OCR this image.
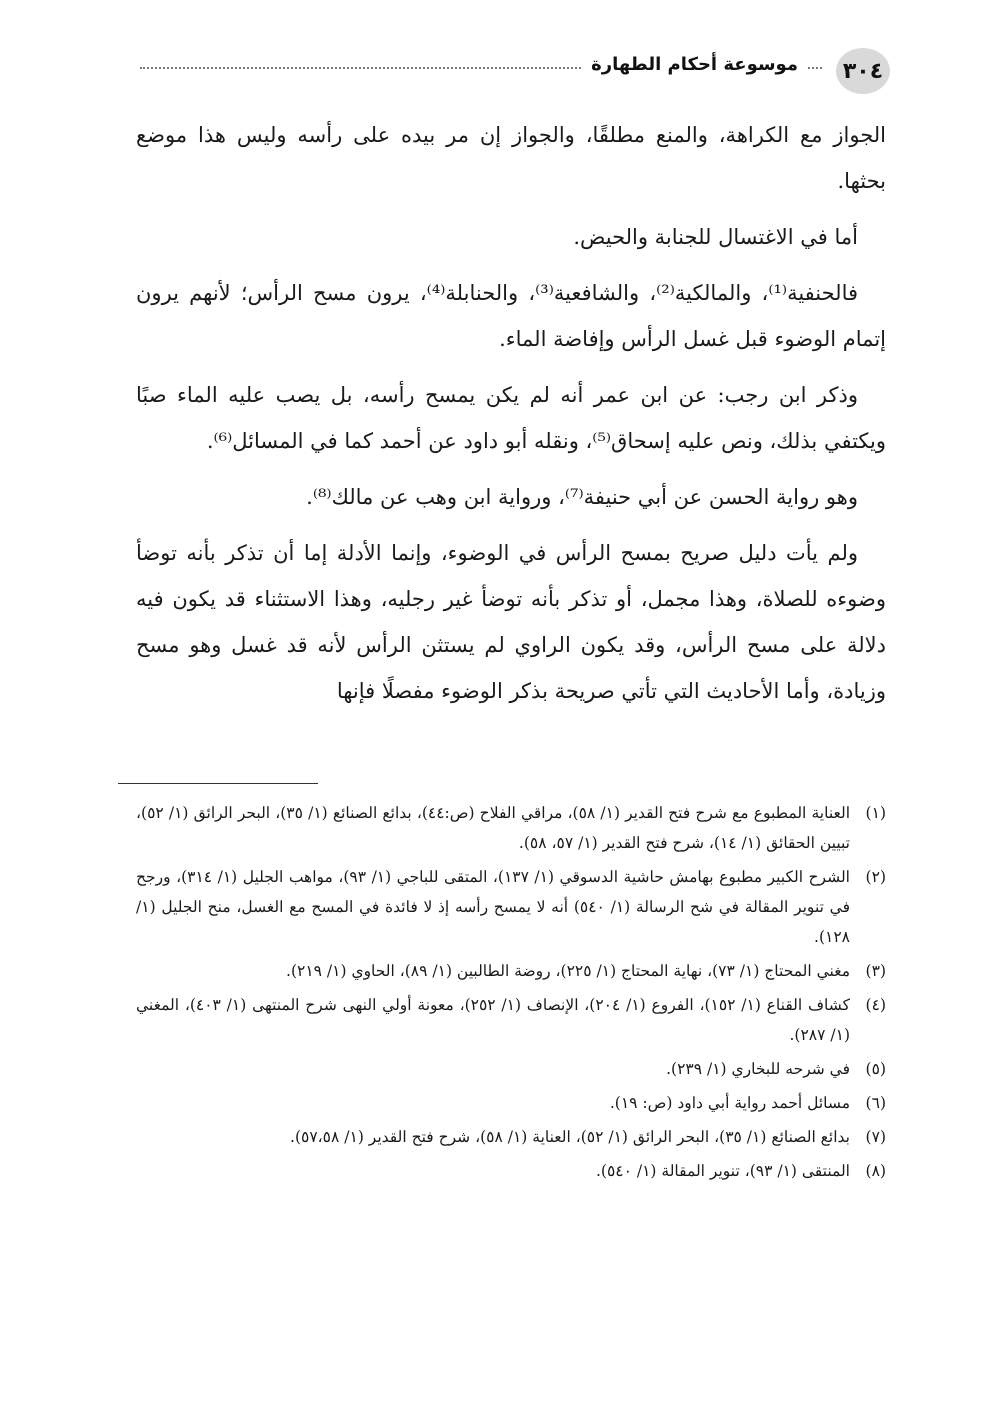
٣٠٤
موسوعة أحكام الطهارة

الجواز مع الكراهة، والمنع مطلقًا، والجواز إن مر بيده على رأسه وليس هذا موضع بحثها.

أما في الاغتسال للجنابة والحيض.

فالحنفية⁽¹⁾، والمالكية⁽²⁾، والشافعية⁽³⁾، والحنابلة⁽⁴⁾، يرون مسح الرأس؛ لأنهم يرون إتمام الوضوء قبل غسل الرأس وإفاضة الماء.

وذكر ابن رجب: عن ابن عمر أنه لم يكن يمسح رأسه، بل يصب عليه الماء صبًا ويكتفي بذلك، ونص عليه إسحاق⁽⁵⁾، ونقله أبو داود عن أحمد كما في المسائل⁽⁶⁾.

وهو رواية الحسن عن أبي حنيفة⁽⁷⁾، ورواية ابن وهب عن مالك⁽⁸⁾.

ولم يأت دليل صريح بمسح الرأس في الوضوء، وإنما الأدلة إما أن تذكر بأنه توضأ وضوءه للصلاة، وهذا مجمل، أو تذكر بأنه توضأ غير رجليه، وهذا الاستثناء قد يكون فيه دلالة على مسح الرأس، وقد يكون الراوي لم يستثن الرأس لأنه قد غسل وهو مسح وزيادة، وأما الأحاديث التي تأتي صريحة بذكر الوضوء مفصلًا فإنها

(١)
العناية المطبوع مع شرح فتح القدير (١/ ٥٨)، مراقي الفلاح (ص:٤٤)، بدائع الصنائع (١/ ٣٥)، البحر الرائق (١/ ٥٢)، تبيين الحقائق (١/ ١٤)، شرح فتح القدير (١/ ٥٧، ٥٨).
(٢)
الشرح الكبير مطبوع بهامش حاشية الدسوقي (١/ ١٣٧)، المتقى للباجي (١/ ٩٣)، مواهب الجليل (١/ ٣١٤)، ورجح في تنوير المقالة في شح الرسالة (١/ ٥٤٠) أنه لا يمسح رأسه إذ لا فائدة في المسح مع الغسل، منح الجليل (١/ ١٢٨).
(٣)
مغني المحتاج (١/ ٧٣)، نهاية المحتاج (١/ ٢٢٥)، روضة الطالبين (١/ ٨٩)، الحاوي (١/ ٢١٩).
(٤)
كشاف القناع (١/ ١٥٢)، الفروع (١/ ٢٠٤)، الإنصاف (١/ ٢٥٢)، معونة أولي النهى شرح المنتهى (١/ ٤٠٣)، المغني (١/ ٢٨٧).
(٥)
في شرحه للبخاري (١/ ٢٣٩).
(٦)
مسائل أحمد رواية أبي داود (ص: ١٩).
(٧)
بدائع الصنائع (١/ ٣٥)، البحر الرائق (١/ ٥٢)، العناية (١/ ٥٨)، شرح فتح القدير (١/ ٥٧،٥٨).
(٨)
المنتقى (١/ ٩٣)، تنوير المقالة (١/ ٥٤٠).
